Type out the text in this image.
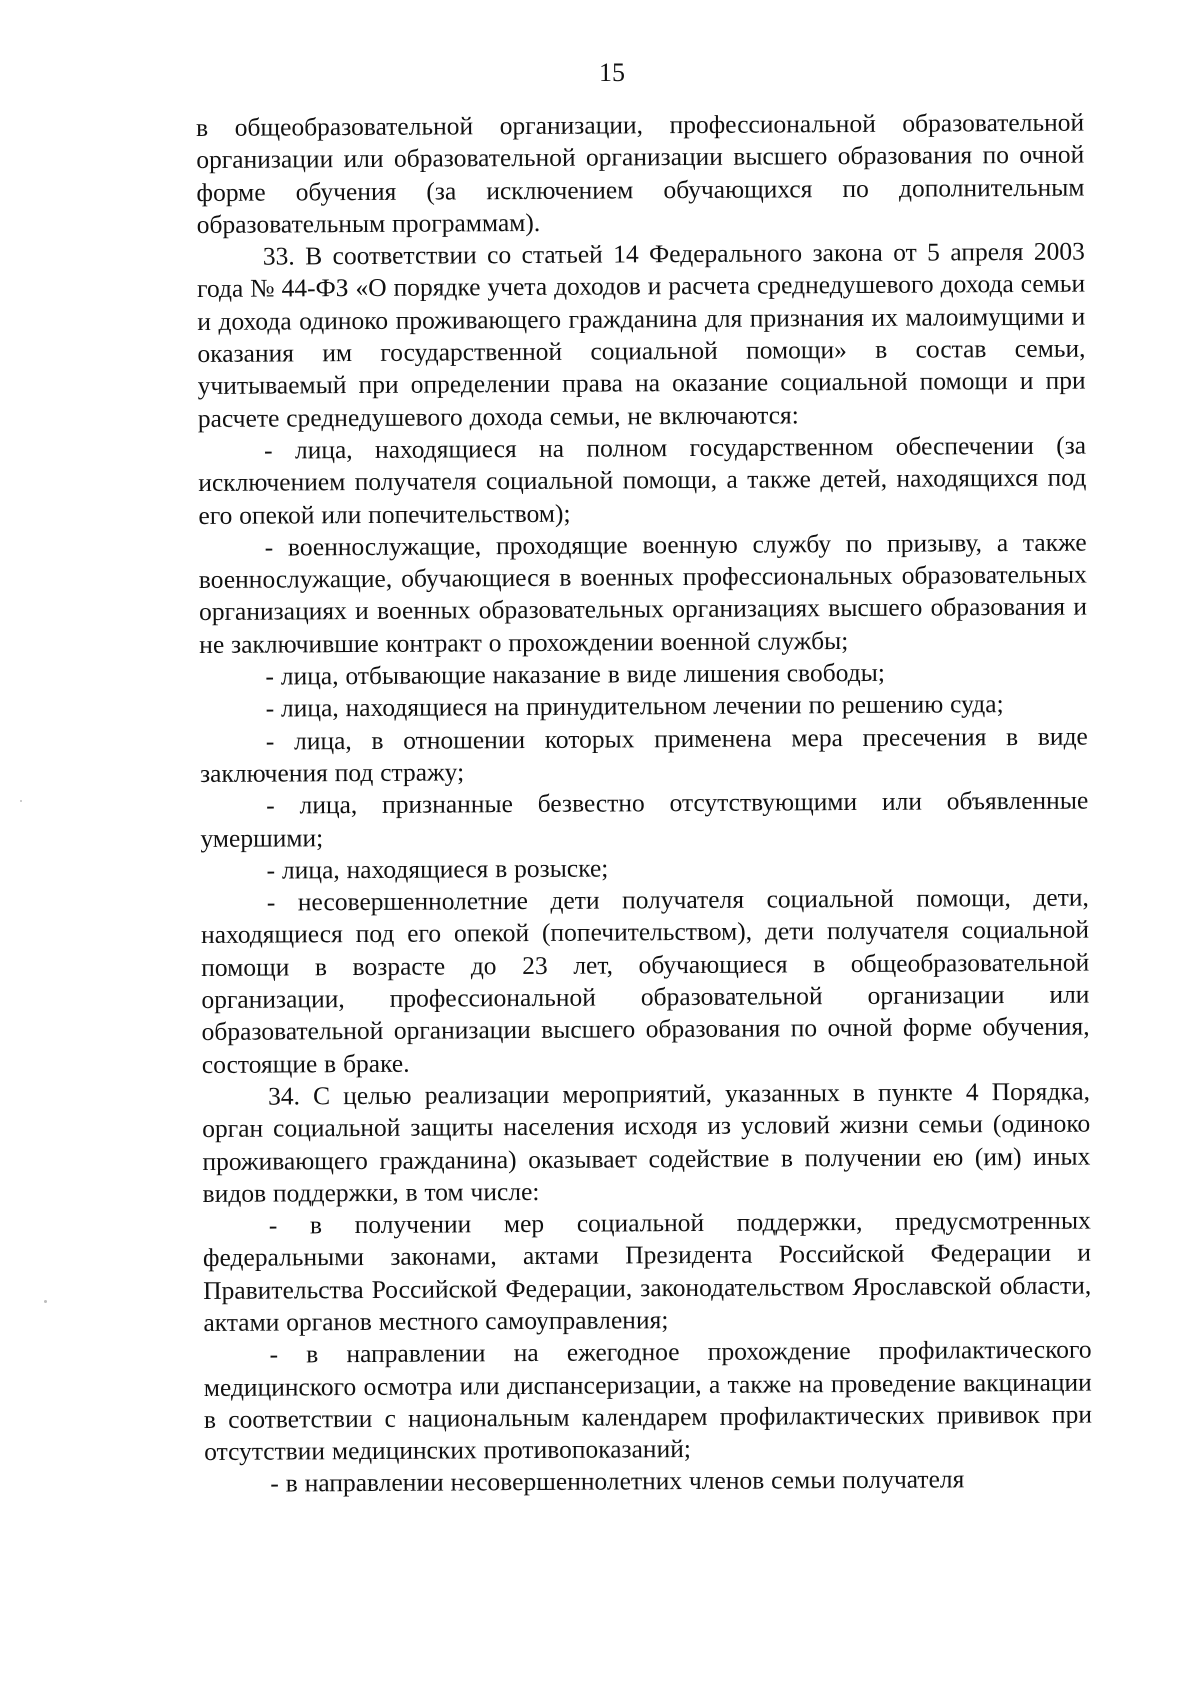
15

в общеобразовательной организации, профессиональной образовательной организации или образовательной организации высшего образования по очной форме обучения (за исключением обучающихся по дополнительным образовательным программам).

33. В соответствии со статьей 14 Федерального закона от 5 апреля 2003 года № 44-ФЗ «О порядке учета доходов и расчета среднедушевого дохода семьи и дохода одиноко проживающего гражданина для признания их малоимущими и оказания им государственной социальной помощи» в состав семьи, учитываемый при определении права на оказание социальной помощи и при расчете среднедушевого дохода семьи, не включаются:

- лица, находящиеся на полном государственном обеспечении (за исключением получателя социальной помощи, а также детей, находящихся под его опекой или попечительством);

- военнослужащие, проходящие военную службу по призыву, а также военнослужащие, обучающиеся в военных профессиональных образовательных организациях и военных образовательных организациях высшего образования и не заключившие контракт о прохождении военной службы;

- лица, отбывающие наказание в виде лишения свободы;

- лица, находящиеся на принудительном лечении по решению суда;

- лица, в отношении которых применена мера пресечения в виде заключения под стражу;

- лица, признанные безвестно отсутствующими или объявленные умершими;

- лица, находящиеся в розыске;

- несовершеннолетние дети получателя социальной помощи, дети, находящиеся под его опекой (попечительством), дети получателя социальной помощи в возрасте до 23 лет, обучающиеся в общеобразовательной организации, профессиональной образовательной организации или образовательной организации высшего образования по очной форме обучения, состоящие в браке.

34. С целью реализации мероприятий, указанных в пункте 4 Порядка, орган социальной защиты населения исходя из условий жизни семьи (одиноко проживающего гражданина) оказывает содействие в получении ею (им) иных видов поддержки, в том числе:

- в получении мер социальной поддержки, предусмотренных федеральными законами, актами Президента Российской Федерации и Правительства Российской Федерации, законодательством Ярославской области, актами органов местного самоуправления;

- в направлении на ежегодное прохождение профилактического медицинского осмотра или диспансеризации, а также на проведение вакцинации в соответствии с национальным календарем профилактических прививок при отсутствии медицинских противопоказаний;

- в направлении несовершеннолетних членов семьи получателя
